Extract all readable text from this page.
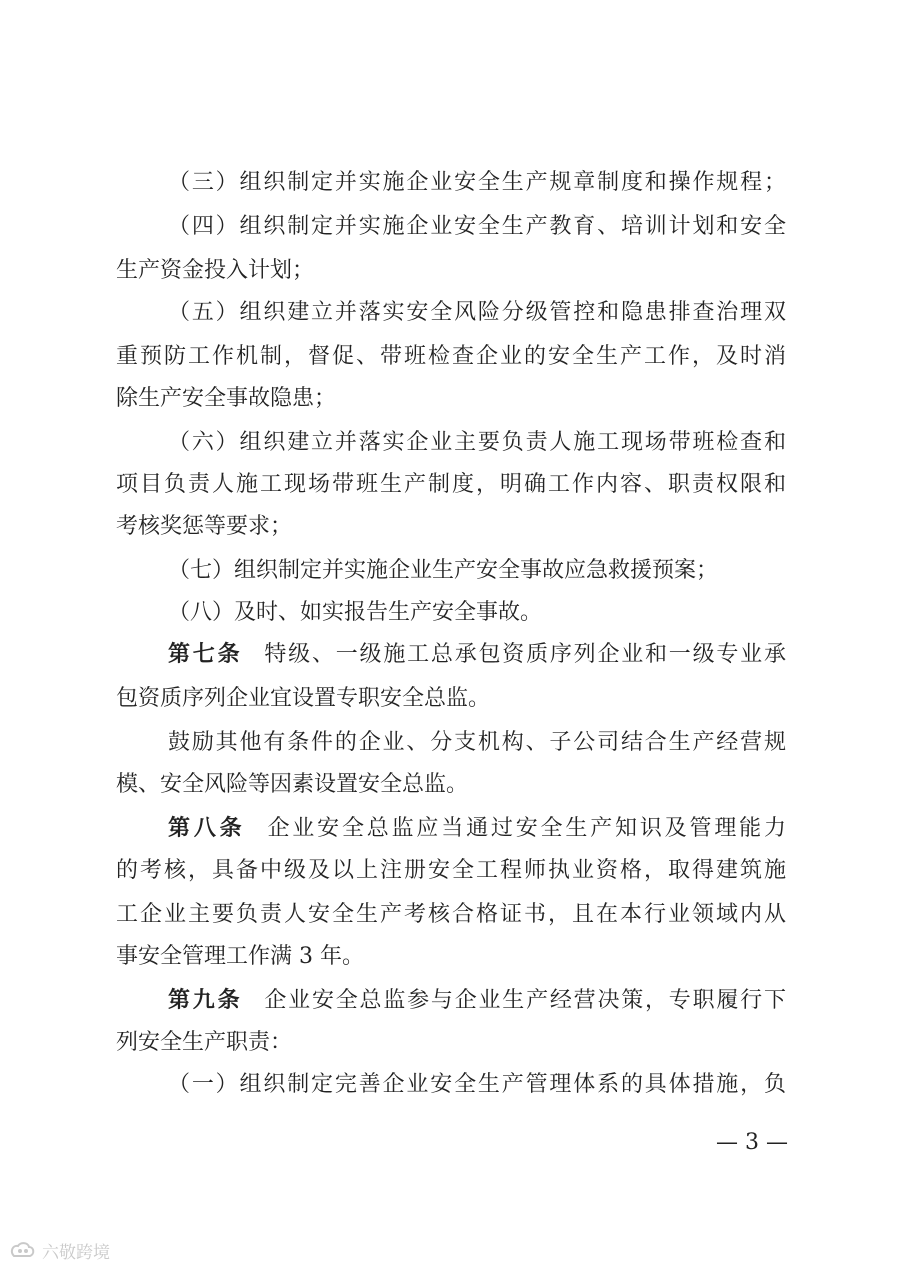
（三）组织制定并实施企业安全生产规章制度和操作规程；
（四）组织制定并实施企业安全生产教育、培训计划和安全
生产资金投入计划；
（五）组织建立并落实安全风险分级管控和隐患排查治理双
重预防工作机制，督促、带班检查企业的安全生产工作，及时消
除生产安全事故隐患；
（六）组织建立并落实企业主要负责人施工现场带班检查和
项目负责人施工现场带班生产制度，明确工作内容、职责权限和
考核奖惩等要求；
（七）组织制定并实施企业生产安全事故应急救援预案；
（八）及时、如实报告生产安全事故。
第七条 特级、一级施工总承包资质序列企业和一级专业承
包资质序列企业宜设置专职安全总监。
鼓励其他有条件的企业、分支机构、子公司结合生产经营规
模、安全风险等因素设置安全总监。
第八条 企业安全总监应当通过安全生产知识及管理能力
的考核，具备中级及以上注册安全工程师执业资格，取得建筑施
工企业主要负责人安全生产考核合格证书，且在本行业领域内从
事安全管理工作满 3 年。
第九条 企业安全总监参与企业生产经营决策，专职履行下
列安全生产职责：
（一）组织制定完善企业安全生产管理体系的具体措施，负
— 3 —
六敬跨境
